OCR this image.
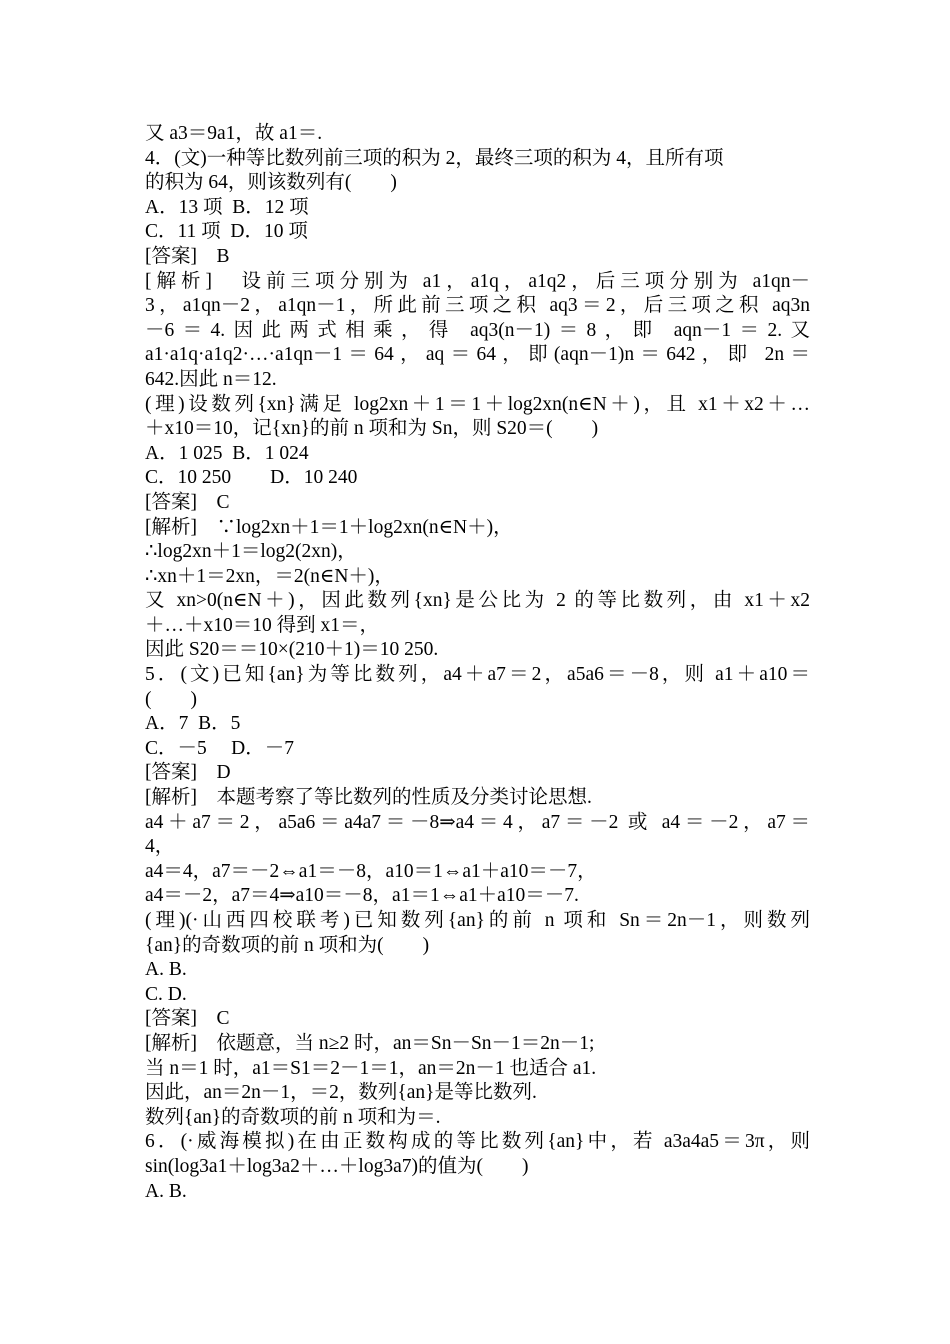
又 a3＝9a1，故 a1＝.
4．(文)一种等比数列前三项的积为 2，最终三项的积为 4，且所有项
的积为 64，则该数列有(　　)
A．13 项  B．12 项
C．11 项  D．10 项
[答案]　B
[解析]　设前三项分别为 a1，a1q，a1q2，后三项分别为 a1qn－
3，a1qn－2，a1qn－1，所此前三项之积 aq3＝2，后三项之积 aq3n
－6＝4.因此两式相乘，得 aq3(n－1)＝8，即 aqn－1＝2.又
a1·a1q·a1q2·…·a1qn－1＝64，aq＝64，即(aqn－1)n＝642，即 2n＝
642.因此 n＝12.
(理)设数列{xn}满足 log2xn＋1＝1＋log2xn(n∈N＋)，且 x1＋x2＋…
＋x10＝10，记{xn}的前 n 项和为 Sn，则 S20＝(　　)
A．1 025  B．1 024
C．10 250　　D．10 240
[答案]　C
[解析]　∵log2xn＋1＝1＋log2xn(n∈N＋)，
∴log2xn＋1＝log2(2xn)，
∴xn＋1＝2xn，＝2(n∈N＋)，
又 xn>0(n∈N＋)，因此数列{xn}是公比为 2 的等比数列，由 x1＋x2
＋…＋x10＝10 得到 x1＝，
因此 S20＝＝10×(210＋1)＝10 250.
5．(文)已知{an}为等比数列，a4＋a7＝2，a5a6＝－8，则 a1＋a10＝
(　　)
A．7  B．5
C．－5　 D．－7
[答案]　D
[解析]　本题考察了等比数列的性质及分类讨论思想.
a4＋a7＝2，a5a6＝a4a7＝－8⇒a4＝4，a7＝－2 或 a4＝－2，a7＝
4，
a4＝4，a7＝－2⇔a1＝－8，a10＝1⇔a1＋a10＝－7，
a4＝－2，a7＝4⇒a10＝－8，a1＝1⇔a1＋a10＝－7.
(理)(·山西四校联考)已知数列{an}的前 n 项和 Sn＝2n－1，则数列
{an}的奇数项的前 n 项和为(　　)
A. B.
C. D.
[答案]　C
[解析]　依题意，当 n≥2 时，an＝Sn－Sn－1＝2n－1;
当 n＝1 时，a1＝S1＝2－1＝1，an＝2n－1 也适合 a1.
因此，an＝2n－1，＝2，数列{an}是等比数列.
数列{an}的奇数项的前 n 项和为＝.
6．(·威海模拟)在由正数构成的等比数列{an}中，若 a3a4a5＝3π，则
sin(log3a1＋log3a2＋…＋log3a7)的值为(　　)
A. B.
